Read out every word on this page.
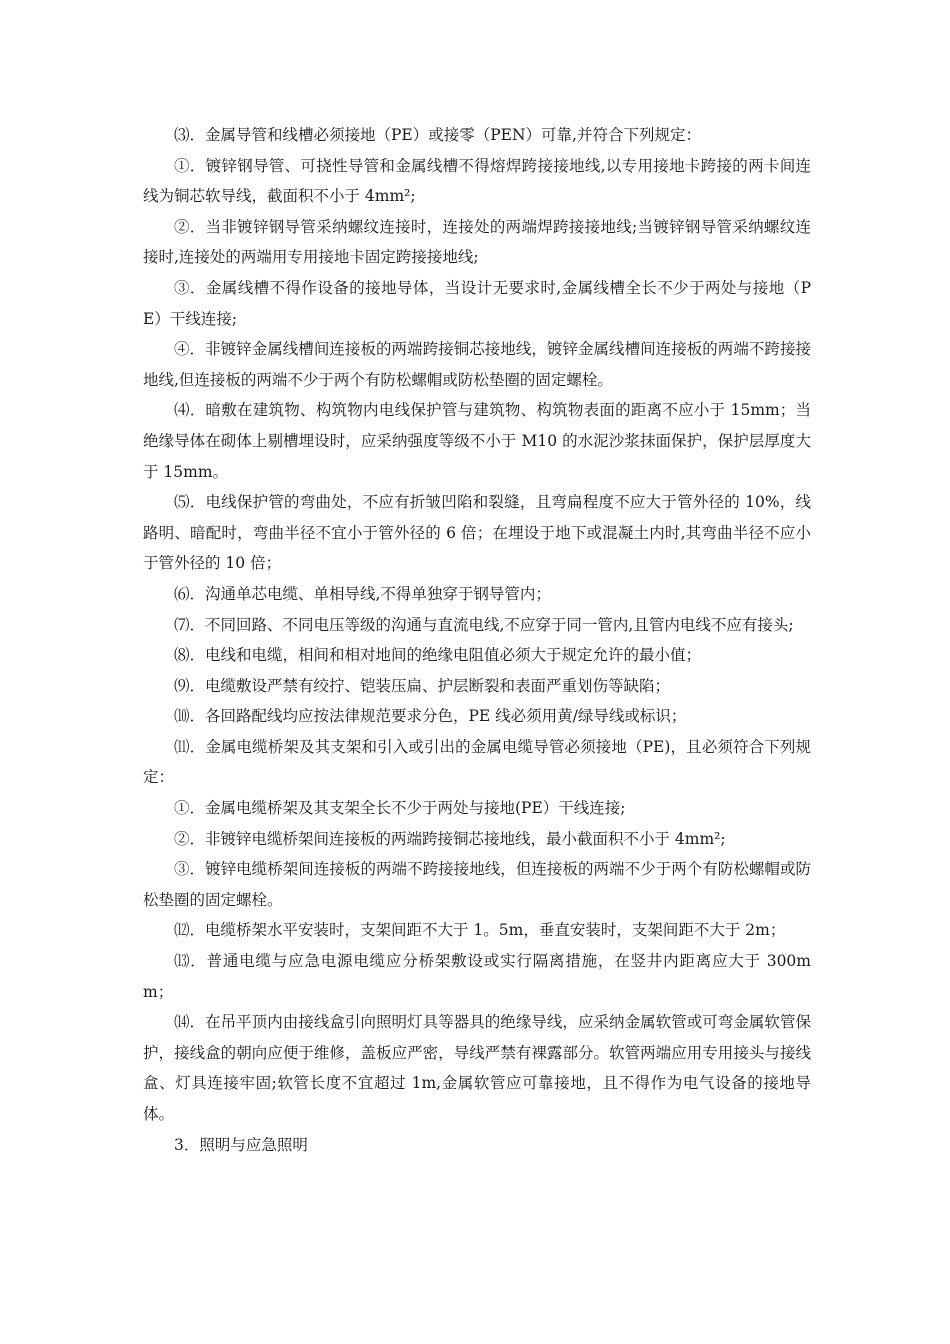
⑶．金属导管和线槽必须接地（PE）或接零（PEN）可靠,并符合下列规定：

①．镀锌钢导管、可挠性导管和金属线槽不得熔焊跨接接地线,以专用接地卡跨接的两卡间连线为铜芯软导线，截面积不小于 4mm²;

②．当非镀锌钢导管采纳螺纹连接时，连接处的两端焊跨接接地线;当镀锌钢导管采纳螺纹连接时,连接处的两端用专用接地卡固定跨接接地线;

③．金属线槽不得作设备的接地导体，当设计无要求时,金属线槽全长不少于两处与接地（PE）干线连接;

④．非镀锌金属线槽间连接板的两端跨接铜芯接地线，镀锌金属线槽间连接板的两端不跨接接地线,但连接板的两端不少于两个有防松螺帽或防松垫圈的固定螺栓。

⑷．暗敷在建筑物、构筑物内电线保护管与建筑物、构筑物表面的距离不应小于 15mm；当绝缘导体在砌体上剔槽埋设时，应采纳强度等级不小于 M10 的水泥沙浆抹面保护，保护层厚度大于 15mm。

⑸．电线保护管的弯曲处，不应有折皱凹陷和裂缝，且弯扁程度不应大于管外径的 10%，线路明、暗配时，弯曲半径不宜小于管外径的 6 倍；在埋设于地下或混凝土内时,其弯曲半径不应小于管外径的 10 倍；

⑹．沟通单芯电缆、单相导线,不得单独穿于钢导管内；

⑺．不同回路、不同电压等级的沟通与直流电线,不应穿于同一管内,且管内电线不应有接头;

⑻．电线和电缆，相间和相对地间的绝缘电阻值必须大于规定允许的最小值；

⑼．电缆敷设严禁有绞拧、铠装压扁、护层断裂和表面严重划伤等缺陷；

⑽．各回路配线均应按法律规范要求分色，PE 线必须用黄/绿导线或标识；

⑾．金属电缆桥架及其支架和引入或引出的金属电缆导管必须接地（PE)，且必须符合下列规定：

①．金属电缆桥架及其支架全长不少于两处与接地(PE）干线连接;

②．非镀锌电缆桥架间连接板的两端跨接铜芯接地线，最小截面积不小于 4mm²;

③．镀锌电缆桥架间连接板的两端不跨接接地线，但连接板的两端不少于两个有防松螺帽或防松垫圈的固定螺栓。

⑿．电缆桥架水平安装时，支架间距不大于 1。5m，垂直安装时，支架间距不大于 2m；

⒀．普通电缆与应急电源电缆应分桥架敷设或实行隔离措施，在竖井内距离应大于 300mm；

⒁．在吊平顶内由接线盒引向照明灯具等器具的绝缘导线，应采纳金属软管或可弯金属软管保护，接线盒的朝向应便于维修，盖板应严密，导线严禁有裸露部分。软管两端应用专用接头与接线盒、灯具连接牢固;软管长度不宜超过 1m,金属软管应可靠接地，且不得作为电气设备的接地导体。

3．照明与应急照明
